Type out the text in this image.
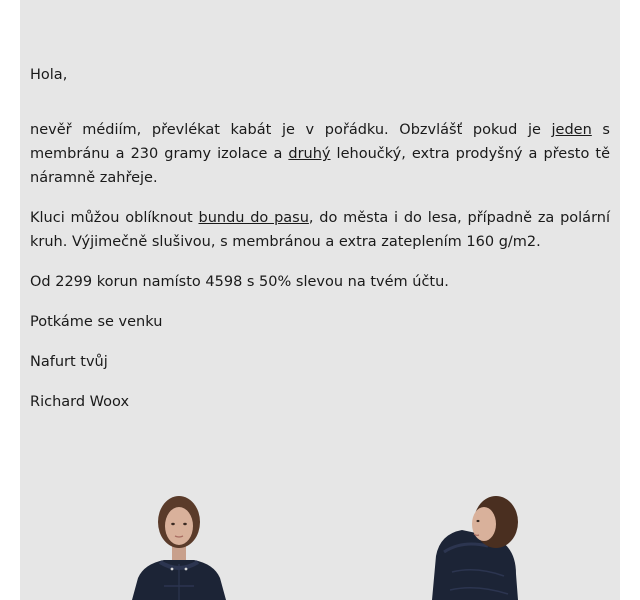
Hola,

nevěř médiím, převlékat kabát je v pořádku. Obzvlášť pokud je jeden s membránu a 230 gramy izolace a druhý lehoučký, extra prodyšný a přesto tě náramně zahřeje.

Kluci můžou oblíknout bundu do pasu, do města i do lesa, případně za polární kruh. Výjimečně slušivou, s membránou a extra zateplením 160 g/m2.

Od 2299 korun namísto 4598 s 50% slevou na tvém účtu.

Potkáme se venku

Nafurt tvůj

Richard Woox
